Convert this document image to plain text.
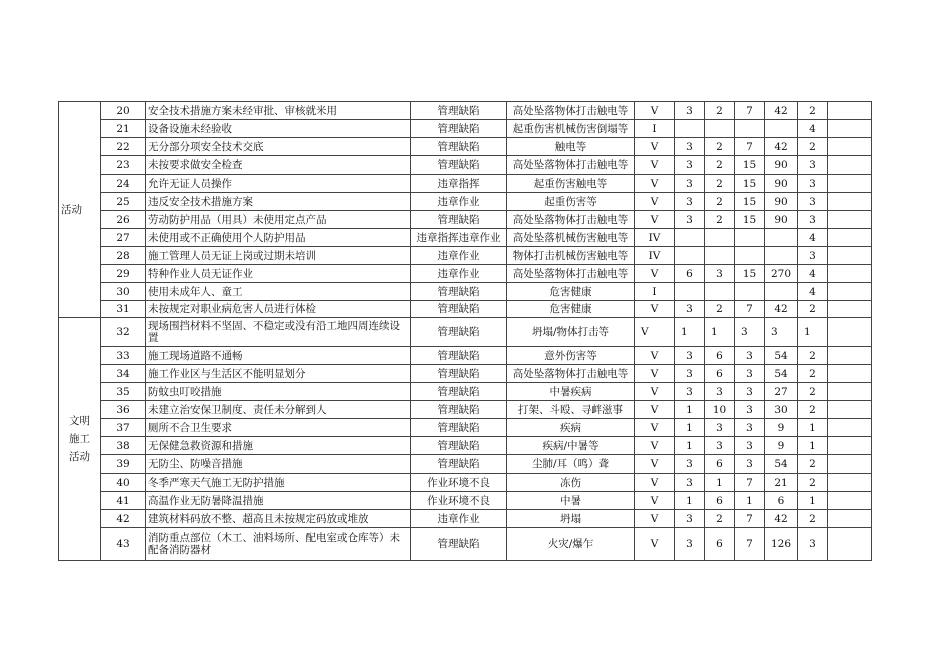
活动	20	安全技术措施方案未经审批、审核就米用	管理缺陷	高处坠落物体打击触电等	V	3	2	7	42	2	
	21	设备设施未经验收	管理缺陷	起重伤害机械伤害倒塌等	I					4	
	22	无分部分项安全技术交底	管理缺陷	触电等	V	3	2	7	42	2	
	23	未按要求做安全检查	管理缺陷	高处坠落物体打击触电等	V	3	2	15	90	3	
	24	允许无证人员操作	违章指挥	起重伤害触电等	V	3	2	15	90	3	
	25	违反安全技术措施方案	违章作业	起重伤害等	V	3	2	15	90	3	
	26	劳动防护用品（用具）未使用定点产品	管理缺陷	高处坠落物体打击触电等	V	3	2	15	90	3	
	27	未使用或不正确使用个人防护用品	违章指挥违章作业	高处坠落机械伤害触电等	IV					4	
	28	施工管理人员无证上岗或过期未培训	违章作业	物体打击机械伤害触电等	IV					3	
	29	特种作业人员无证作业	违章作业	高处坠落物体打击触电等	V	6	3	15	270	4	
	30	使用未成年人、童工	管理缺陷	危害健康	I					4	
	31	未按规定对职业病危害人员进行体检	管理缺陷	危害健康	V	3	2	7	42	2	
文明
施工
活动	32	现场围挡材料不坚固、不稳定或没有沿工地四周连续设置	管理缺陷	坍塌/物体打击等	V	1	1	3	3	1	
	33	施工现场道路不通畅	管理缺陷	意外伤害等	V	3	6	3	54	2	
	34	施工作业区与生活区不能明显划分	管理缺陷	高处坠落物体打击触电等	V	3	6	3	54	2	
	35	防蚊虫叮咬措施	管理缺陷	中暑疾病	V	3	3	3	27	2	
	36	未建立治安保卫制度、责任未分解到人	管理缺陷	打架、斗殴、寻衅滋事	V	1	10	3	30	2	
	37	厕所不合卫生要求	管理缺陷	疾病	V	1	3	3	9	1	
	38	无保健急救资源和措施	管理缺陷	疾病/中暑等	V	1	3	3	9	1	
	39	无防尘、防噪音措施	管理缺陷	尘肺/耳（鸣）聋	V	3	6	3	54	2	
	40	冬季严寒天气施工无防护措施	作业环境不良	冻伤	V	3	1	7	21	2	
	41	高温作业无防暑降温措施	作业环境不良	中暑	V	1	6	1	6	1	
	42	建筑材料码放不整、超高且未按规定码放或堆放	违章作业	坍塌	V	3	2	7	42	2	
	43	消防重点部位（木工、油料场所、配电室或仓库等）未配备消防器材	管理缺陷	火灾/爆乍	V	3	6	7	126	3	
